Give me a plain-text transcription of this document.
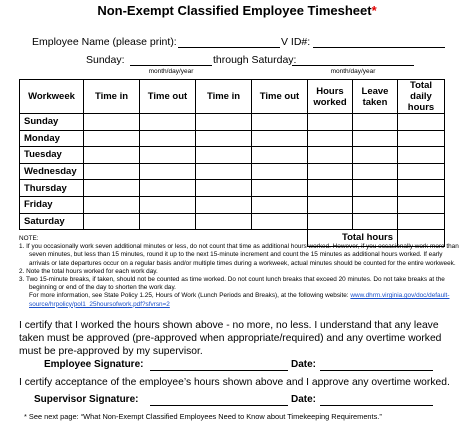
Non-Exempt Classified Employee Timesheet*
Employee Name (please print):	V ID#:
Sunday:	through Saturday:
month/day/year	month/day/year
Workweek	Time in	Time out	Time in	Time out	Hours worked	Leave taken	Total daily hours
Sunday							
Monday							
Tuesday							
Wednesday							
Thursday							
Friday							
Saturday							
					Total hours		

NOTE:

1. If you occasionally work seven additional minutes or less, do not count that time as additional hours worked. However, if you occasionally work more than seven minutes, but less than 15 minutes, round it up to the next 15-minute increment and count the 15 minutes as additional hours worked. If early arrivals or late departures occur on a regular basis and/or multiple times during a workweek, actual minutes should be counted for the entire workweek.

2. Note the total hours worked for each work day.

3. Two 15-minute breaks, if taken, should not be counted as time worked. Do not count lunch breaks that exceed 20 minutes. Do not take breaks at the beginning or end of the day to shorten the work day.

For more information, see State Policy 1.25, Hours of Work (Lunch Periods and Breaks), at the following website: www.dhrm.virginia.gov/doc/default-
source/hrpolicy/pol1_25hoursofwork.pdf?sfvrsn=2

I certify that I worked the hours shown above - no more, no less. I understand that any leave taken must be approved (pre-approved when appropriate/required) and any overtime worked must be pre-approved by my supervisor.
Employee Signature:	Date:
I certify acceptance of the employee’s hours shown above and I approve any overtime worked.
Supervisor Signature:	Date:
* See next page: “What Non-Exempt Classified Employees Need to Know about Timekeeping Requirements.”
